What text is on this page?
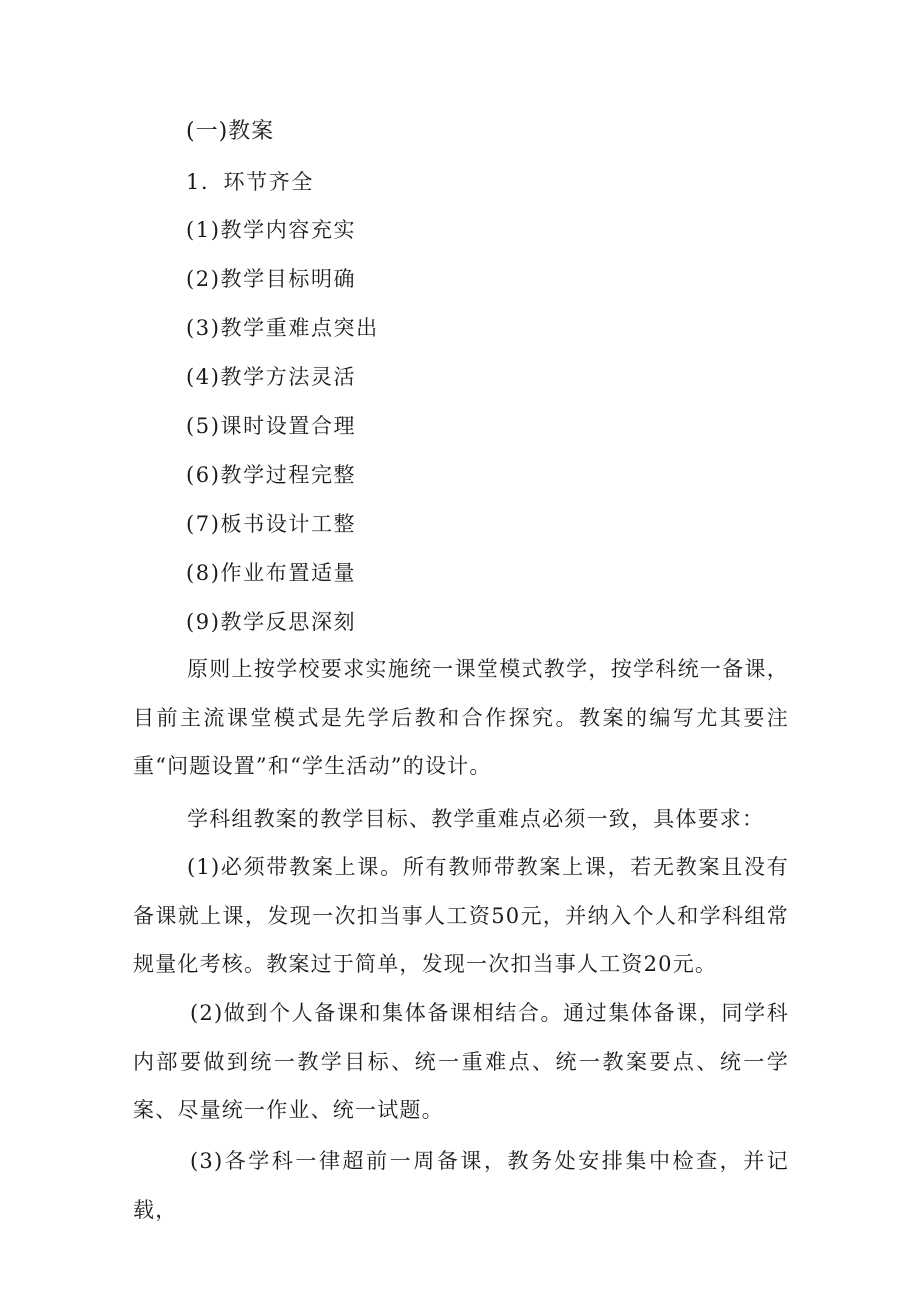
(一)教案
1．环节齐全
(1)教学内容充实
(2)教学目标明确
(3)教学重难点突出
(4)教学方法灵活
(5)课时设置合理
(6)教学过程完整
(7)板书设计工整
(8)作业布置适量
(9)教学反思深刻
原则上按学校要求实施统一课堂模式教学，按学科统一备课，目前主流课堂模式是先学后教和合作探究。教案的编写尤其要注重“问题设置”和“学生活动”的设计。
学科组教案的教学目标、教学重难点必须一致，具体要求：
(1)必须带教案上课。所有教师带教案上课，若无教案且没有备课就上课，发现一次扣当事人工资50元，并纳入个人和学科组常规量化考核。教案过于简单，发现一次扣当事人工资20元。
(2)做到个人备课和集体备课相结合。通过集体备课，同学科内部要做到统一教学目标、统一重难点、统一教案要点、统一学案、尽量统一作业、统一试题。
(3)各学科一律超前一周备课，教务处安排集中检查，并记载，
